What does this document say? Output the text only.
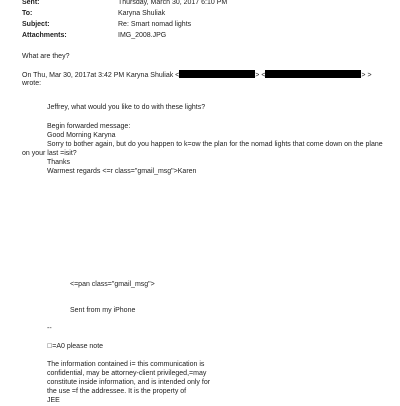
Sent:	Thursday, March 30, 2017 6:10 PM
To:	Karyna Shuliak
Subject:	Re: Smart nomad lights
Attachments:	IMG_2008.JPG
What are they?
On Thu, Mar 30, 2017at 3:42 PM Karyna Shuliak <	> <	> >
wrote:
Jeffrey, what would you like to do with these lights?
Begin forwarded message:
Good Morning Karyna
Sorry to bother again, but do you happen to k=ow the plan for the nomad lights that come down on the plane
on your last =isit?
Thanks
Warmest regards <=r class="gmail_msg">Karen
<=pan class="gmail_msg">
Sent from my iPhone
--
 =A0 please note
The information contained i= this communication is
confidential, may be attorney-client privileged,=may
constitute inside information, and is intended only for
the use =f the addressee. It is the property of
JEE
